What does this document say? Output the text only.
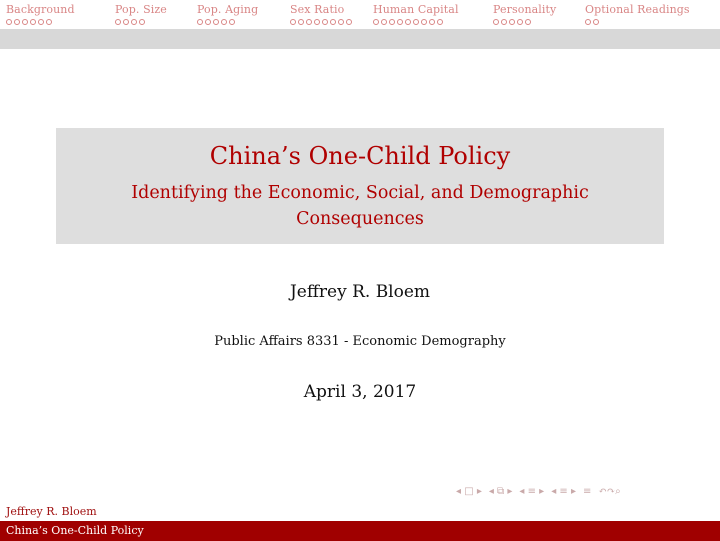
Background	Pop. Size	Pop. Aging	Sex Ratio	Human Capital	Personality	Optional Readings
China’s One-Child Policy
Identifying the Economic, Social, and Demographic Consequences
Jeffrey R. Bloem
Public Affairs 8331 - Economic Demography
April 3, 2017
◂ □ ▸ ◂ ⧉ ▸ ◂ ≡ ▸ ◂ ≡ ▸ ≡ ↶↷⌕
Jeffrey R. Bloem
China’s One-Child Policy
